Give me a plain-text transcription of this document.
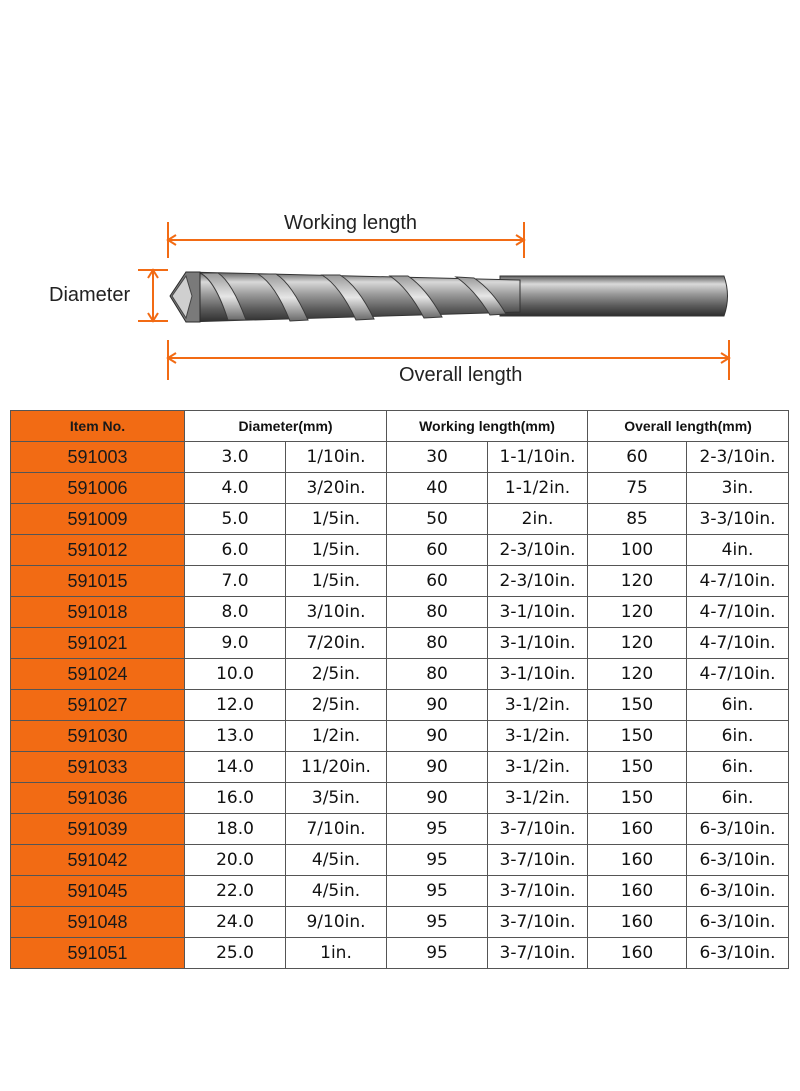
Working length
Diameter
Overall length
Item No.	Diameter(mm)		Working length(mm)		Overall length(mm)	
591003	3.0	1/10in.	30	1-1/10in.	60	2-3/10in.
591006	4.0	3/20in.	40	1-1/2in.	75	3in.
591009	5.0	1/5in.	50	2in.	85	3-3/10in.
591012	6.0	1/5in.	60	2-3/10in.	100	4in.
591015	7.0	1/5in.	60	2-3/10in.	120	4-7/10in.
591018	8.0	3/10in.	80	3-1/10in.	120	4-7/10in.
591021	9.0	7/20in.	80	3-1/10in.	120	4-7/10in.
591024	10.0	2/5in.	80	3-1/10in.	120	4-7/10in.
591027	12.0	2/5in.	90	3-1/2in.	150	6in.
591030	13.0	1/2in.	90	3-1/2in.	150	6in.
591033	14.0	11/20in.	90	3-1/2in.	150	6in.
591036	16.0	3/5in.	90	3-1/2in.	150	6in.
591039	18.0	7/10in.	95	3-7/10in.	160	6-3/10in.
591042	20.0	4/5in.	95	3-7/10in.	160	6-3/10in.
591045	22.0	4/5in.	95	3-7/10in.	160	6-3/10in.
591048	24.0	9/10in.	95	3-7/10in.	160	6-3/10in.
591051	25.0	1in.	95	3-7/10in.	160	6-3/10in.
